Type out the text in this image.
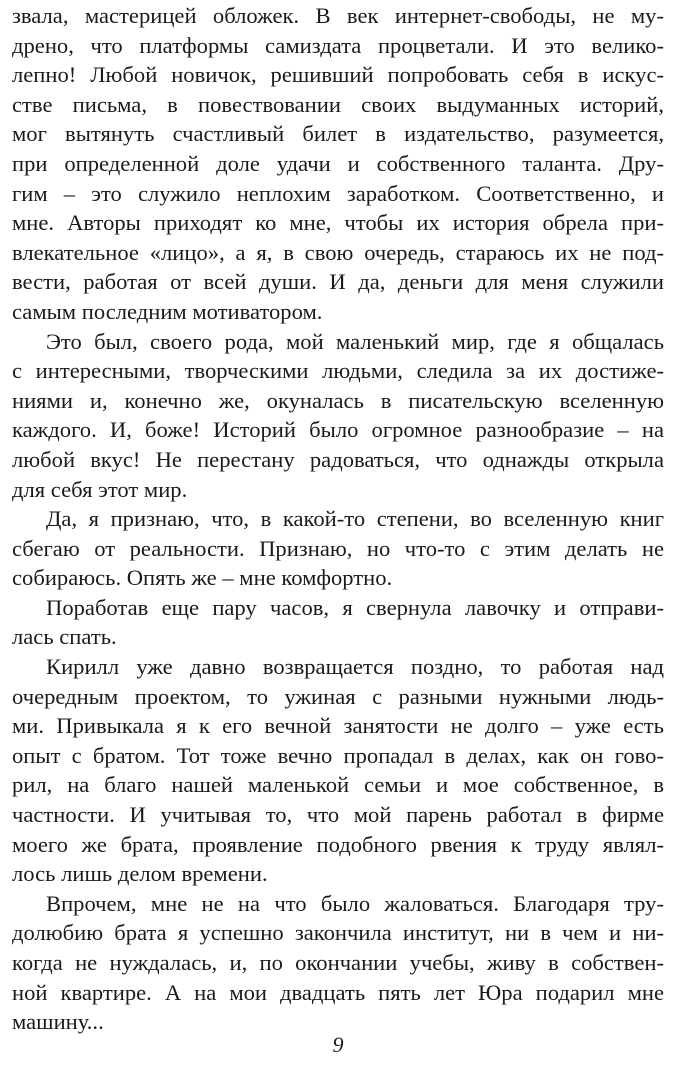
звала, мастерицей обложек. В век интернет-свободы, не му-
дрено, что платформы самиздата процветали. И это велико-
лепно! Любой новичок, решивший попробовать себя в искус-
стве письма, в повествовании своих выдуманных историй,
мог вытянуть счастливый билет в издательство, разумеется,
при определенной доле удачи и собственного таланта. Дру-
гим – это служило неплохим заработком. Соответственно, и
мне. Авторы приходят ко мне, чтобы их история обрела при-
влекательное «лицо», а я, в свою очередь, стараюсь их не под-
вести, работая от всей души. И да, деньги для меня служили
самым последним мотиватором.
Это был, своего рода, мой маленький мир, где я общалась
с интересными, творческими людьми, следила за их достиже-
ниями и, конечно же, окуналась в писательскую вселенную
каждого. И, боже! Историй было огромное разнообразие – на
любой вкус! Не перестану радоваться, что однажды открыла
для себя этот мир.
Да, я признаю, что, в какой-то степени, во вселенную книг
сбегаю от реальности. Признаю, но что-то с этим делать не
собираюсь. Опять же – мне комфортно.
Поработав еще пару часов, я свернула лавочку и отправи-
лась спать.
Кирилл уже давно возвращается поздно, то работая над
очередным проектом, то ужиная с разными нужными людь-
ми. Привыкала я к его вечной занятости не долго – уже есть
опыт с братом. Тот тоже вечно пропадал в делах, как он гово-
рил, на благо нашей маленькой семьи и мое собственное, в
частности. И учитывая то, что мой парень работал в фирме
моего же брата, проявление подобного рвения к труду являл-
лось лишь делом времени.
Впрочем, мне не на что было жаловаться. Благодаря тру-
долюбию брата я успешно закончила институт, ни в чем и ни-
когда не нуждалась, и, по окончании учебы, живу в собствен-
ной квартире. А на мои двадцать пять лет Юра подарил мне
машину...
9
